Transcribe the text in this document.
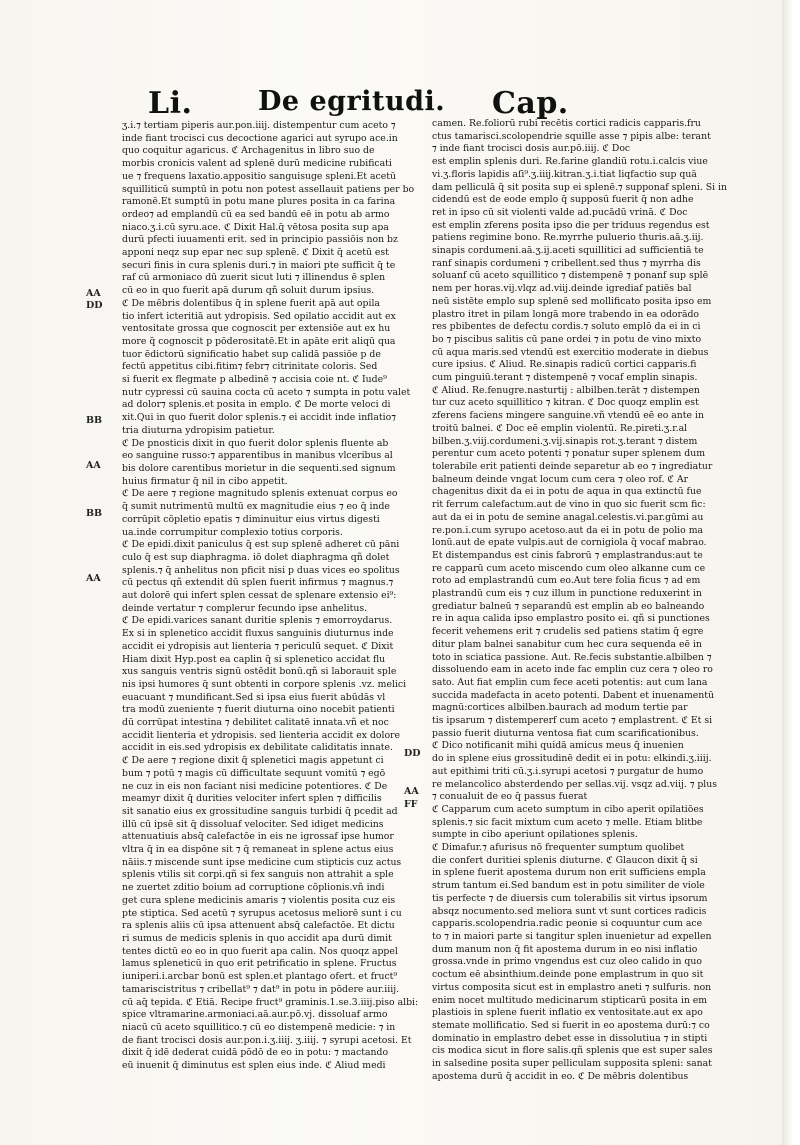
Li. De egritudi. Cap.
AA
DD
BB
AA
BB
AA
DD
AA
FF
ʒ.i.⁊ tertiam piperis aur.pon.iiij. distempentur cum aceto ⁊
inde fiant trocisci cus decoctione agarici aut syrupo ace.in
quo coquitur agaricus. ℭ Archagenitus in libro suo de
morbis cronicis valent ad splenē durū medicine rubificati
ue ⁊ frequens laxatio.appositio sanguisuge spleni.Et acetū
squilliticū sumptū in potu non potest assellauit patiens per bo
ramonē.Et sumptū in potu mane plures posita in ca farina
ordeo⁊ ad emplandū cū ea sed bandū eē in potu ab armo
niaco.ʒ.i.cū syru.ace. ℭ Dixit Hal.q̄ vētosa posita sup apa
durū pfecti iuuamenti erit. sed in principio passiōis non bz
apponi neqz sup epar nec sup splenē. ℭ Dixit q̄ acetū est
securi finis in cura splenis duri.⁊ in maiori pte sufficit q̄ te
raf cū armoniaco dū zuerit sicut luti ⁊ illinendus ē splen
cū eo in quo fuerit apā durum qñ soluit durum ipsius.
ℭ De mēbris dolentibus q̄ in splene fuerit apā aut opila
tio infert icteritiā aut ydropisis. Sed opilatio accidit aut ex
ventositate grossa que cognoscit per extensiōe aut ex hu
more q̄ cognoscit p pōderositatē.Et in apāte erit aliqū qua
tuor ēdictorū significatio habet sup calidā passiōe p de
fectū appetitus cibi.fitim⁊ febr⁊ citrinitate coloris. Sed
si fuerit ex flegmate p albedinē ⁊ accisia coie nt. ℭ Iude⁹
nutr cypressi cū sauina cocta cū aceto ⁊ sumpta in potu valet
ad dolor⁊ splenis.et posita in emplo. ℭ De morte veloci di
xit.Qui in quo fuerit dolor splenis.⁊ ei accidit inde inflatio⁊
tria diuturna ydropisim patietur.
ℭ De pnosticis dixit in quo fuerit dolor splenis fluente ab
eo sanguine russo:⁊ apparentibus in manibus vlceribus al
bis dolore carentibus morietur in die sequenti.sed signum
huius firmatur q̄ nil in cibo appetit.
ℭ De aere ⁊ regione magnitudo splenis extenuat corpus eo
q̄ sumit nutrimentū multū ex magnitudie eius ⁊ eo q̄ inde
corrūpit cōpletio epatis ⁊ diminuitur eius virtus digesti
ua.inde corrumpitur complexio totius corporis.
ℭ De epidi.dixit paniculus q̄ est sup splenē adheret cū pāni
culo q̄ est sup diaphragma. iō dolet diaphragma qñ dolet
splenis.⁊ q̄ anhelitus non pficit nisi p duas vices eo spolitus
cū pectus qñ extendit dū splen fuerit infirmus ⁊ magnus.⁊
aut dolorē qui infert splen cessat de splenare extensio ei⁹:
deinde vertatur ⁊ complerur fecundo ipse anhelitus.
ℭ De epidi.varices sanant duritie splenis ⁊ emorroydarus.
Ex si in splenetico accidit fluxus sanguinis diuturnus inde
accidit ei ydropisis aut lienteria ⁊ periculū sequet. ℭ Dixit
Hiam dixit Hyp.post ea caplin q̄ si splenetico accidat flu
xus sanguis ventris signū ostēdit bonū.qñ si laborauit sple
nis ipsi humores q̄ sunt obtenti in corpore splenis .vz. melici
euacuant ⁊ mundificant.Sed si ipsa eius fuerit abūdās vl
tra modū zueniente ⁊ fuerit diuturna oino nocebit patienti
dū corrūpat intestina ⁊ debilitet calitatē innata.vñ et noc
accidit lienteria et ydropisis. sed lienteria accidit ex dolore
accidit in eis.sed ydropisis ex debilitate caliditatis innate.
ℭ De aere ⁊ regione dixit q̄ splenetici magis appetunt ci
bum ⁊ potū ⁊ magis cū difficultate sequunt vomitū ⁊ egō
ne cuz in eis non faciant nisi medicine potentiores. ℭ De
meamyr dixit q̄ durities velociter infert splen ⁊ difficilis
sit sanatio eius ex grossitudine sanguis turbidi q̄ pcedit ad
illū cū ipsē sit q̄ dissoluaf velociter. Sed idiget medicins
attenuatiuis absq̄ calefactōe in eis ne igrossaf ipse humor
vltra q̄ in ea dispōne sit ⁊ q̄ remaneat in splene actus eius
nāiis.⁊ miscende sunt ipse medicine cum stipticis cuz actus
splenis vtilis sit corpi.qñ si fex sanguis non attrahit a sple
ne zuertet zditio boium ad corruptione cōplionis.vñ indi
get cura splene medicinis amaris ⁊ violentis posita cuz eis
pte stiptica. Sed acetū ⁊ syrupus acetosus meliorē sunt i cu
ra splenis aliis cū ipsa attenuent absq̄ calefactōe. Et dictu
ri sumus de medicis splenis in quo accidit apa durū dimit
tentes dictū eo eo in quo fuerit apa calin. Nos quoqz appel
lamus spleneticū in quo erit petrificatio in splene. Fructus
iuniperi.i.arcbar bonū est splen.et plantago ofert. et fruct⁹
tamariscistritus ⁊ cribellat⁹ ⁊ dat⁹ in potu in pōdere aur.iiij.
cū aq̄ tepida. ℭ Etiā. Recipe fruct⁹ graminis.1.se.3.iiij.piso albi:
spice vltramarine.armoniaci.aā.aur.pō.vj. dissoluaf armo
niacū cū aceto squillitico.⁊ cū eo distempenē medicie: ⁊ in
de fiant trocisci dosis aur.pon.i.ʒ.iiij. ʒ.iiij. ⁊ syrupi acetosi. Et
dixit q̄ idē dederat cuidā pōdō de eo in potu: ⁊ mactando
eū inuenit q̄ diminutus est splen eius inde. ℭ Aliud medi
camen. Re.foliorū rubi recētis cortici radicis capparis.fru
ctus tamarisci.scolopendrie squille asse ⁊ pipis albe: terant
⁊ inde fiant trocisci dosis aur.pō.iiij. ℭ Doc
est emplin splenis duri. Re.farine glandiū rotu.i.calcis viue
vi.ʒ.floris lapidis aſi⁹.ʒ.iiij.kitran.ʒ.i.tiat liqfactio sup quā
dam pelliculā q̄ sit posita sup ei splenē.⁊ supponaf spleni. Si in
cidendū est de eode emplo q̄ supposū fuerit q̄ non adhe
ret in ipso cū sit violenti valde ad.pucādū vrinā. ℭ Doc
est emplin zferens posita ipso die per triduus regendus est
patiens regimine bono. Re.myrrhe puluerio thuris.aā.ʒ.iij.
sinapis cordumeni.aā.ʒ.ij.aceti squillitici ad sufficientiā te
ranf sinapis cordumeni ⁊ cribellent.sed thus ⁊ myrrha dis
soluanf cū aceto squillitico ⁊ distempenē ⁊ ponanf sup splē
nem per horas.vij.vlqz ad.viij.deinde igrediaf patiēs bal
neū sistēte emplo sup splenē sed mollificato posita ipso em
plastro itret in pilam longā more trabendo in ea odorādo
res pbibentes de defectu cordis.⁊ soluto emplō da ei in ci
bo ⁊ piscibus salitis cū pane ordei ⁊ in potu de vino mixto
cū aqua maris.sed vtendū est exercitio moderate in diebus
cure ipsius. ℭ Aliud. Re.sinapis radicū cortici capparis.fi
cum pinguiū.terant ⁊ distempenē ⁊ vocaf emplin sinapis.
ℭ Aliud. Re.fenugre.nasturtij : albilben.terāt ⁊ distempen
tur cuz aceto squillitico ⁊ kitran. ℭ Doc quoqz emplin est
zferens faciens mingere sanguine.vñ vtendū eē eo ante in
troitū balnei. ℭ Doc eē emplin violentū. Re.pireti.ʒ.r.al
bilben.ʒ.viij.cordumeni.ʒ.vij.sinapis rot.ʒ.terant ⁊ distem
perentur cum aceto potenti ⁊ ponatur super splenem dum
tolerabile erit patienti deinde separetur ab eo ⁊ ingrediatur
balneum deinde vngat locum cum cera ⁊ oleo rof. ℭ Ar
chagenitus dixit da ei in potu de aqua in qua extinctū fue
rit ferrum calefactum.aut de vino in quo sic fuerit scm fic:
aut da ei in potu de semine anagal.celestis.vi.par.gūmi au
re.pon.i.cum syrupo acetoso.aut da ei in potu de polio ma
lonū.aut de epate vulpis.aut de cornigiola q̄ vocaf mabrao.
Et distempandus est cinis fabrorū ⁊ emplastrandus:aut te
re capparū cum aceto miscendo cum oleo alkanne cum ce
roto ad emplastrandū cum eo.Aut tere folia ficus ⁊ ad em
plastrandū cum eis ⁊ cuz illum in punctione reduxerint in
grediatur balneū ⁊ separandū est emplin ab eo balneando
re in aqua calida ipso emplastro posito ei. qñ si punctiones
fecerit vehemens erit ⁊ crudelis sed patiens statim q̄ egre
ditur plam balnei sanabitur cum hec cura sequenda eē in
toto in sciatica passione. Aut. Re.fecis substantie.albilben ⁊
dissoluendo eam in aceto inde fac emplin cuz cera ⁊ oleo ro
sato. Aut fiat emplin cum fece aceti potentis: aut cum lana
succida madefacta in aceto potenti. Dabent et inuenamentū
magnū:cortices albilben.baurach ad modum tertie par
tis ipsarum ⁊ distempererf cum aceto ⁊ emplastrent. ℭ Et si
passio fuerit diuturna ventosa fiat cum scarificationibus.
ℭ Dico notificanit mihi quidā amicus meus q̄ inuenien
do in splene eius grossitudinē dedit ei in potu: elkindi.ʒ.iiij.
aut epithimi triti cū.ʒ.i.syrupi acetosi ⁊ purgatur de humo
re melancolico absterdendo per sellas.vij. vsqz ad.viij. ⁊ plus
⁊ conualuit de eo q̄ passus fuerat
ℭ Capparum cum aceto sumptum in cibo aperit opilatiōes
splenis.⁊ sic facit mixtum cum aceto ⁊ melle. Etiam blitbe
sumpte in cibo aperiunt opilationes splenis.
ℭ Dimafur.⁊ afurisus nō frequenter sumptum quolibet
die confert duritiei splenis diuturne. ℭ Glaucon dixit q̄ si
in splene fuerit apostema durum non erit sufficiens empla
strum tantum ei.Sed bandum est in potu similiter de viole
tis perfecte ⁊ de diuersis cum tolerabilis sit virtus ipsorum
absqz nocumento.sed meliora sunt vt sunt cortices radicis
capparis.scolopendria.radic peonie si coquuntur cum ace
to ⁊ in maiori parte si tangitur splen inuenietur ad expellen
dum manum non q̄ fit apostema durum in eo nisi inflatio
grossa.vnde in primo vngendus est cuz oleo calido in quo
coctum eē absinthium.deinde pone emplastrum in quo sit
virtus composita sicut est in emplastro aneti ⁊ sulfuris. non
enim nocet multitudo medicinarum stipticarū posita in em
plastiois in splene fuerit inflatio ex ventositate.aut ex apo
stemate mollificatio. Sed si fuerit in eo apostema durū:⁊ co
dominatio in emplastro debet esse in dissolutiua ⁊ in stipti
cis modica sicut in flore salis.qñ splenis que est super sales
in salsedine posita super pelliculam supposita spleni: sanat
apostema durū q̄ accidit in eo. ℭ De mēbris dolentibus
